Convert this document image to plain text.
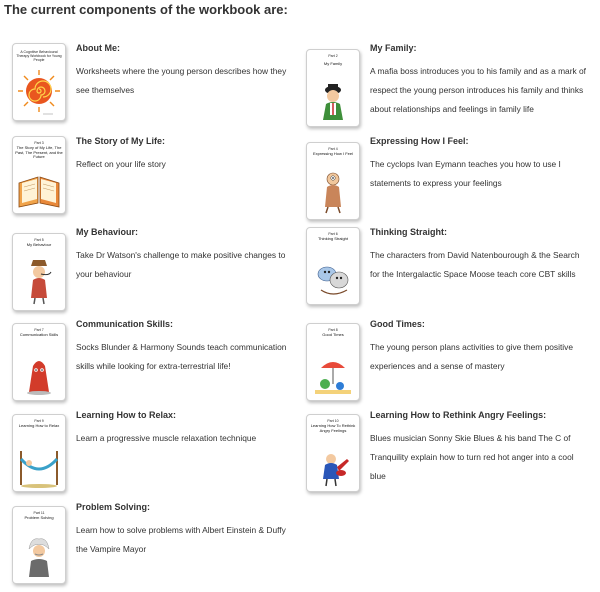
The current components of the workbook are:
A Cognitive Behavioural Therapy Workbook for Young People
About Me:
Worksheets where the young person describes how they see themselves
Part 2
My Family
My Family:
A mafia boss introduces you to his family and as a mark of respect the young person introduces his family and thinks about relationships and feelings in family life
Part 3
The Story of My Life, The Past, The Present, and the Future
The Story of My Life:
Reflect on your life story
Part 4
Expressing How I Feel
Expressing How I Feel:
The cyclops Ivan Eymann teaches you how to use I statements to express your feelings
Part 5
My Behaviour
My Behaviour:
Take Dr Watson's challenge to make positive changes to your behaviour
Part 6
Thinking Straight
Thinking Straight:
The characters from David Natenbourough & the Search for the Intergalactic Space Moose teach core CBT skills
Part 7
Communication Skills
Communication Skills:
Socks Blunder & Harmony Sounds teach communication skills while looking for extra-terrestrial life!
Part 8
Good Times
Good Times:
The young person plans activities to give them positive experiences and a sense of mastery
Part 9
Learning How to Relax
Learning How to Relax:
Learn a progressive muscle relaxation technique
Part 10
Learning How To Rethink Angry Feelings
Learning How to Rethink Angry Feelings:
Blues musician Sonny Skie Blues & his band The C of Tranquility explain how to turn red hot anger into a cool blue
Part 11
Problem Solving
Problem Solving:
Learn how to solve problems with Albert Einstein & Duffy the Vampire Mayor
